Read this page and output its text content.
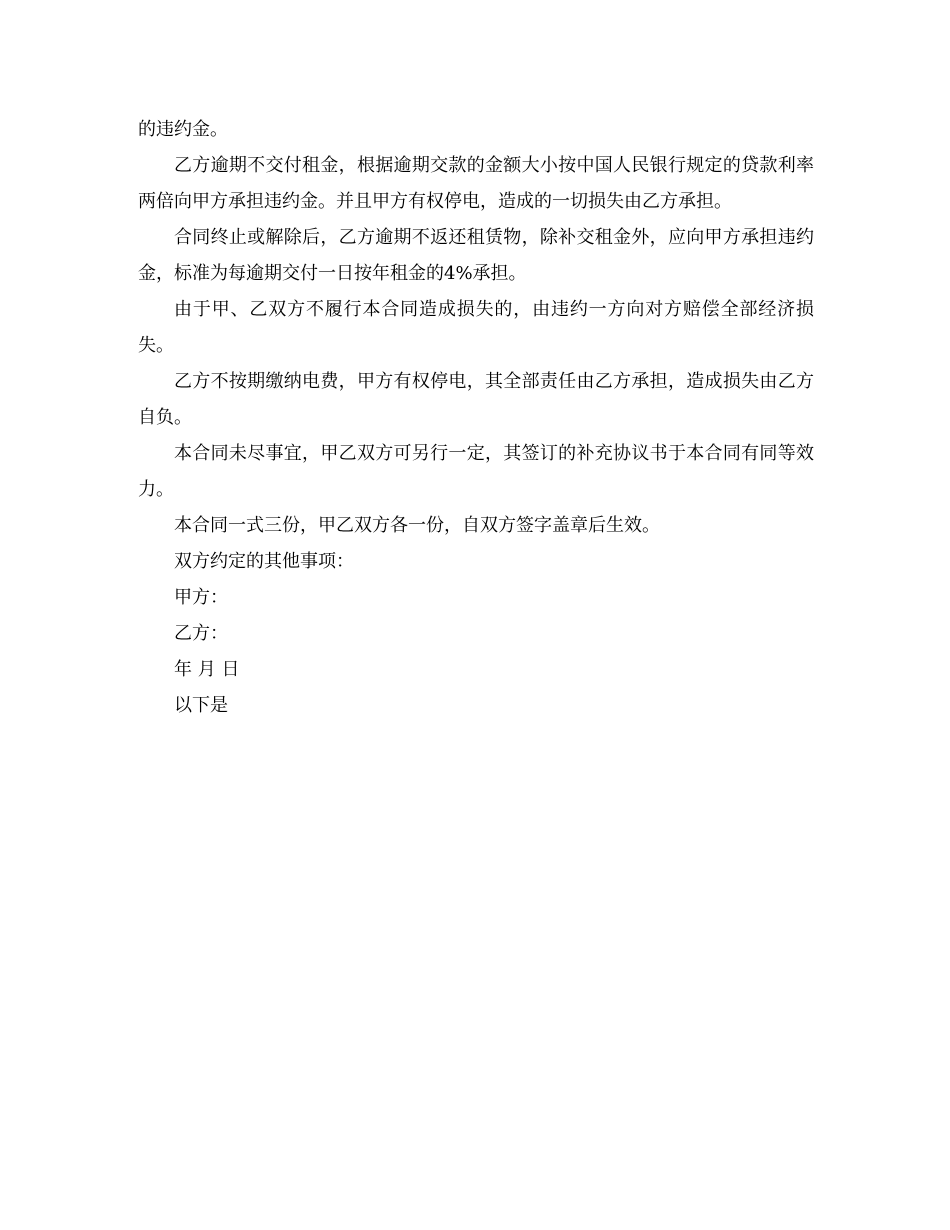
的违约金。

乙方逾期不交付租金，根据逾期交款的金额大小按中国人民银行规定的贷款利率两倍向甲方承担违约金。并且甲方有权停电，造成的一切损失由乙方承担。

合同终止或解除后，乙方逾期不返还租赁物，除补交租金外，应向甲方承担违约金，标准为每逾期交付一日按年租金的4%承担。

由于甲、乙双方不履行本合同造成损失的，由违约一方向对方赔偿全部经济损失。

乙方不按期缴纳电费，甲方有权停电，其全部责任由乙方承担，造成损失由乙方自负。

本合同未尽事宜，甲乙双方可另行一定，其签订的补充协议书于本合同有同等效力。

本合同一式三份，甲乙双方各一份，自双方签字盖章后生效。

双方约定的其他事项：

甲方：

乙方：

年 月 日

以下是
